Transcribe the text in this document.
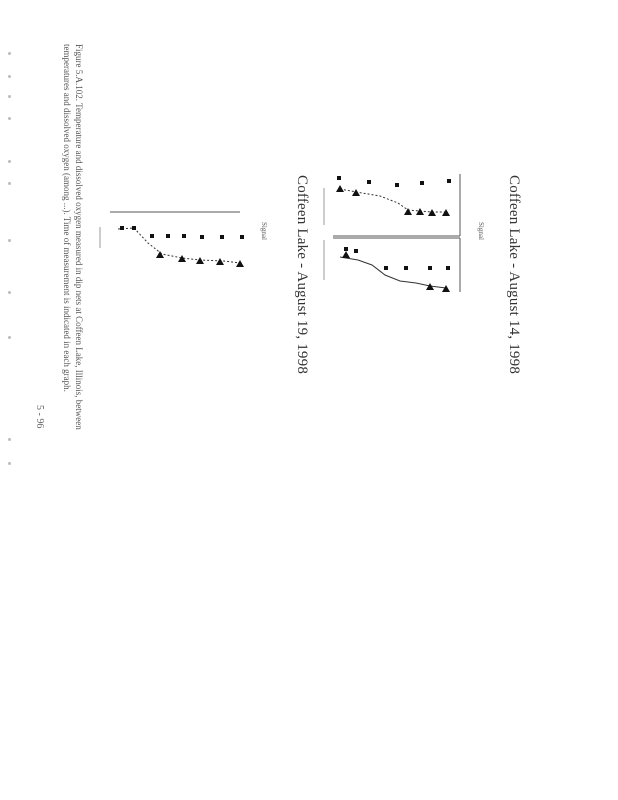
Coffeen Lake - August 14, 1998
Coffeen Lake - August 19, 1998
Figure 5.A.102. Temperature and dissolved oxygen measured in dip nets at Coffeen Lake, Illinois, between
temperatures and dissolved oxygen (among ...). Time of measurement is indicated in each graph.
5 - 96
Signal
Signal
